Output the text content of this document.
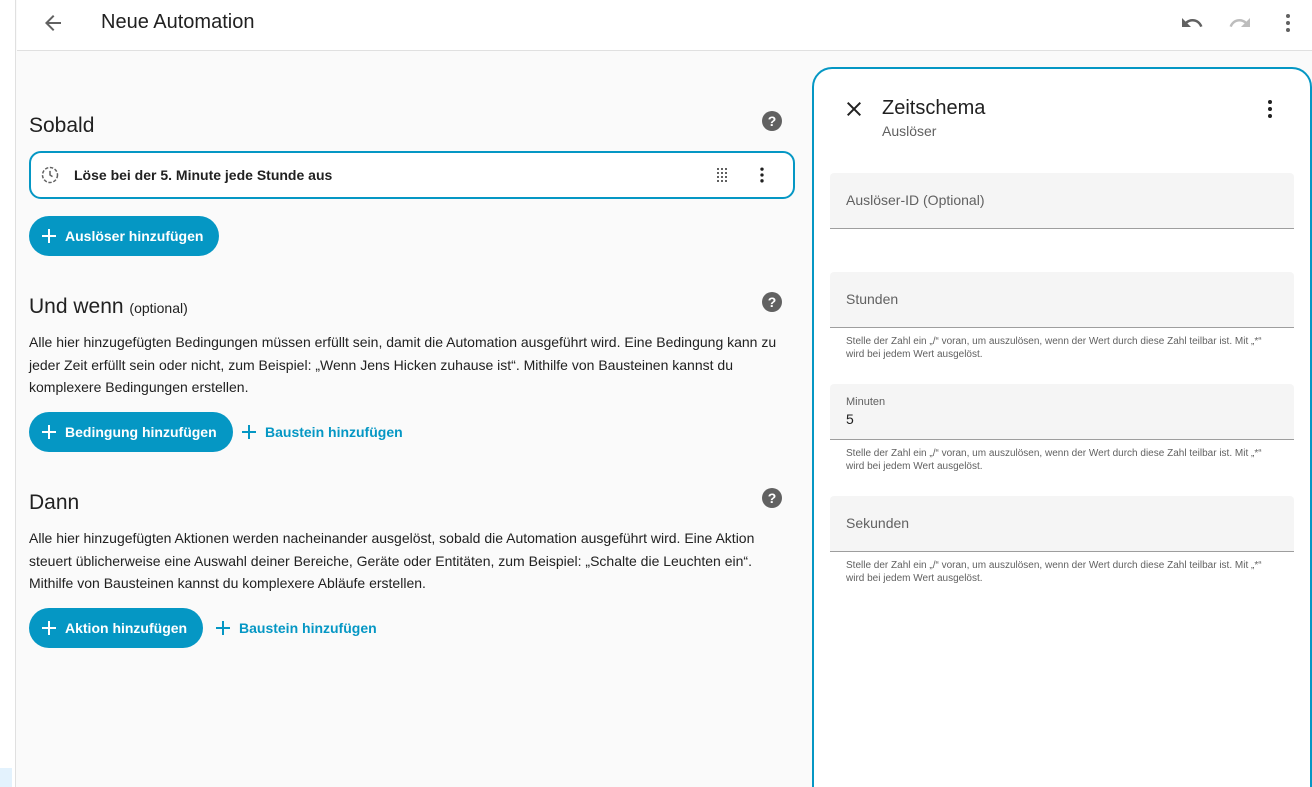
Neue Automation
Sobald	?
Löse bei der 5. Minute jede Stunde aus
Auslöser hinzufügen
Und wenn (optional)	?
Alle hier hinzugefügten Bedingungen müssen erfüllt sein, damit die Automation ausgeführt wird. Eine Bedingung kann zu jeder Zeit erfüllt sein oder nicht, zum Beispiel: „Wenn Jens Hicken zuhause ist“. Mithilfe von Bausteinen kannst du komplexere Bedingungen erstellen.
Bedingung hinzufügen	Baustein hinzufügen
Dann	?
Alle hier hinzugefügten Aktionen werden nacheinander ausgelöst, sobald die Automation ausgeführt wird. Eine Aktion steuert üblicherweise eine Auswahl deiner Bereiche, Geräte oder Entitäten, zum Beispiel: „Schalte die Leuchten ein“. Mithilfe von Bausteinen kannst du komplexere Abläufe erstellen.
Aktion hinzufügen	Baustein hinzufügen
Zeitschema
Auslöser
Auslöser-ID (Optional)
Stunden
Stelle der Zahl ein „/“ voran, um auszulösen, wenn der Wert durch diese Zahl teilbar ist. Mit „*“ wird bei jedem Wert ausgelöst.
Minuten
5
Stelle der Zahl ein „/“ voran, um auszulösen, wenn der Wert durch diese Zahl teilbar ist. Mit „*“ wird bei jedem Wert ausgelöst.
Sekunden
Stelle der Zahl ein „/“ voran, um auszulösen, wenn der Wert durch diese Zahl teilbar ist. Mit „*“ wird bei jedem Wert ausgelöst.
